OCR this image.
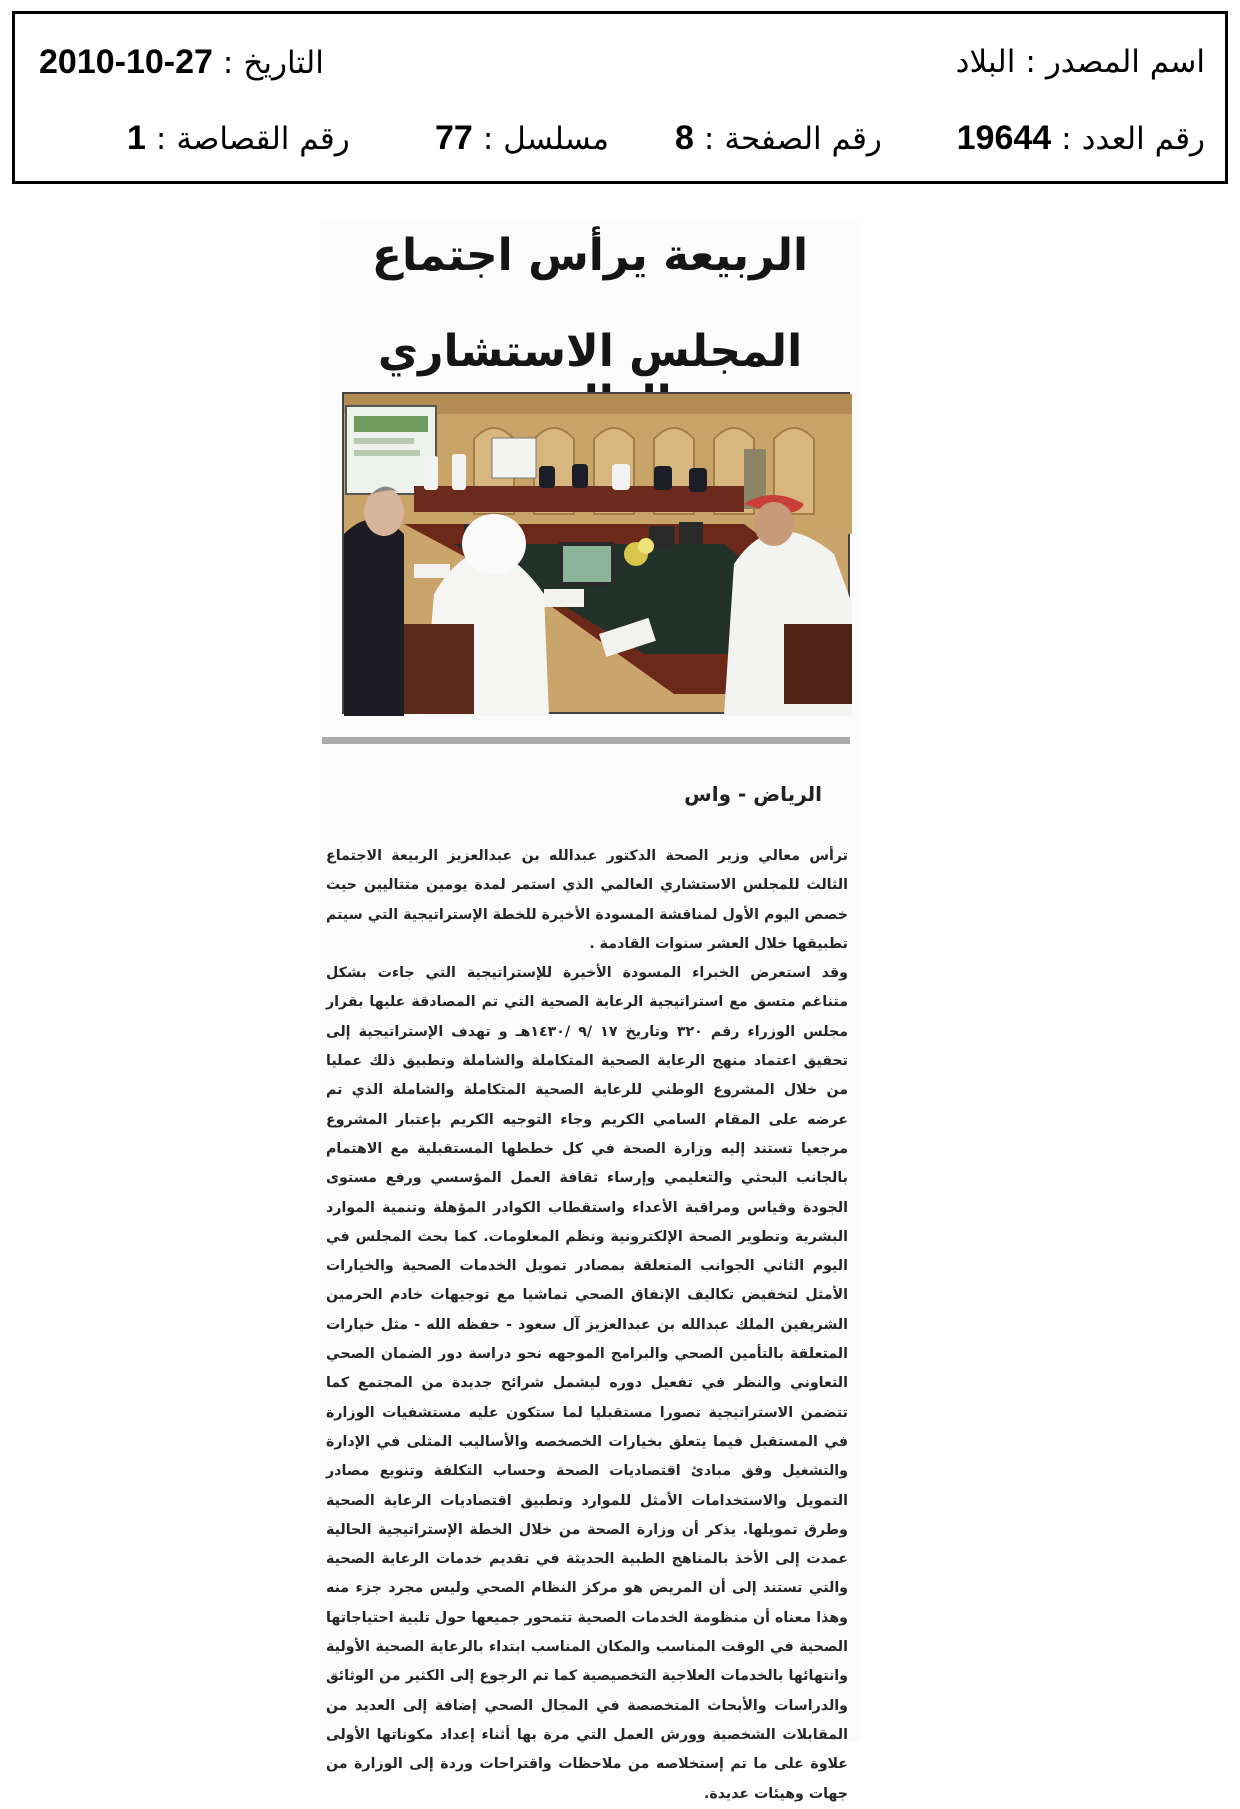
اسم المصدر:البلاد
التاريخ:2010-10-27
رقم العدد:19644
رقم الصفحة:8
مسلسل:77
رقم القصاصة:1
الربيعة يرأس اجتماع
المجلس الاستشاري
الرياض - واس

ترأس معالي وزير الصحة الدكتور عبدالله بن عبدالعزيز الربيعة الاجتماع الثالث للمجلس الاستشاري العالمي الذي استمر لمدة يومين متتاليين حيث خصص اليوم الأول لمناقشة المسودة الأخيرة للخطة الإستراتيجية التي سيتم تطبيقها خلال العشر سنوات القادمة .

وقد استعرض الخبراء المسودة الأخيرة للإستراتيجية التي جاءت بشكل متناغم متسق مع استراتيجية الرعاية الصحية التي تم المصادقة عليها بقرار مجلس الوزراء رقم ٣٢٠ وتاريخ ١٧ /٩ /١٤٣٠هـ و تهدف الإستراتيجية إلى تحقيق اعتماد منهج الرعاية الصحية المتكاملة والشاملة وتطبيق ذلك عمليا من خلال المشروع الوطني للرعاية الصحية المتكاملة والشاملة الذي تم عرضه على المقام السامي الكريم وجاء التوجيه الكريم بإعتبار المشروع مرجعيا تستند إليه وزارة الصحة في كل خططها المستقبلية مع الاهتمام بالجانب البحثي والتعليمي وإرساء ثقافة العمل المؤسسي ورفع مستوى الجودة وقياس ومراقبة الأعداء واستقطاب الكوادر المؤهلة وتنمية الموارد البشرية وتطوير الصحة الإلكترونية ونظم المعلومات. كما بحث المجلس في اليوم الثاني الجوانب المتعلقة بمصادر تمويل الخدمات الصحية والخيارات الأمثل لتخفيض تكاليف الإنفاق الصحي تماشيا مع توجيهات خادم الحرمين الشريفين الملك عبدالله بن عبدالعزيز آل سعود - حفظه الله - مثل خيارات المتعلقة بالتأمين الصحي والبرامج الموجهه نحو دراسة دور الضمان الصحي التعاوني والنظر في تفعيل دوره ليشمل شرائح جديدة من المجتمع كما تتضمن الاستراتيجية تصورا مستقبليا لما ستكون عليه مستشفيات الوزارة في المستقبل فيما يتعلق بخيارات الخصخصه والأساليب المثلى في الإدارة والتشغيل وفق مبادئ اقتصاديات الصحة وحساب التكلفة وتنويع مصادر التمويل والاستخدامات الأمثل للموارد وتطبيق اقتصاديات الرعاية الصحية وطرق تمويلها. يذكر أن وزارة الصحة من خلال الخطة الإستراتيجية الحالية عمدت إلى الأخذ بالمناهج الطبية الحديثة في تقديم خدمات الرعاية الصحية والتي تستند إلى أن المريض هو مركز النظام الصحي وليس مجرد جزء منه وهذا معناه أن منظومة الخدمات الصحية تتمحور جميعها حول تلبية احتياجاتها الصحية في الوقت المناسب والمكان المناسب ابتداء بالرعاية الصحية الأولية وانتهائها بالخدمات العلاجية التخصيصية كما تم الرجوع إلى الكثير من الوثائق والدراسات والأبحاث المتخصصة في المجال الصحي إضافة إلى العديد من المقابلات الشخصية وورش العمل التي مرة بها أثناء إعداد مكوناتها الأولى علاوة على ما تم إستخلاصه من ملاحظات واقتراحات وردة إلى الوزارة من جهات وهيئات عديدة.
